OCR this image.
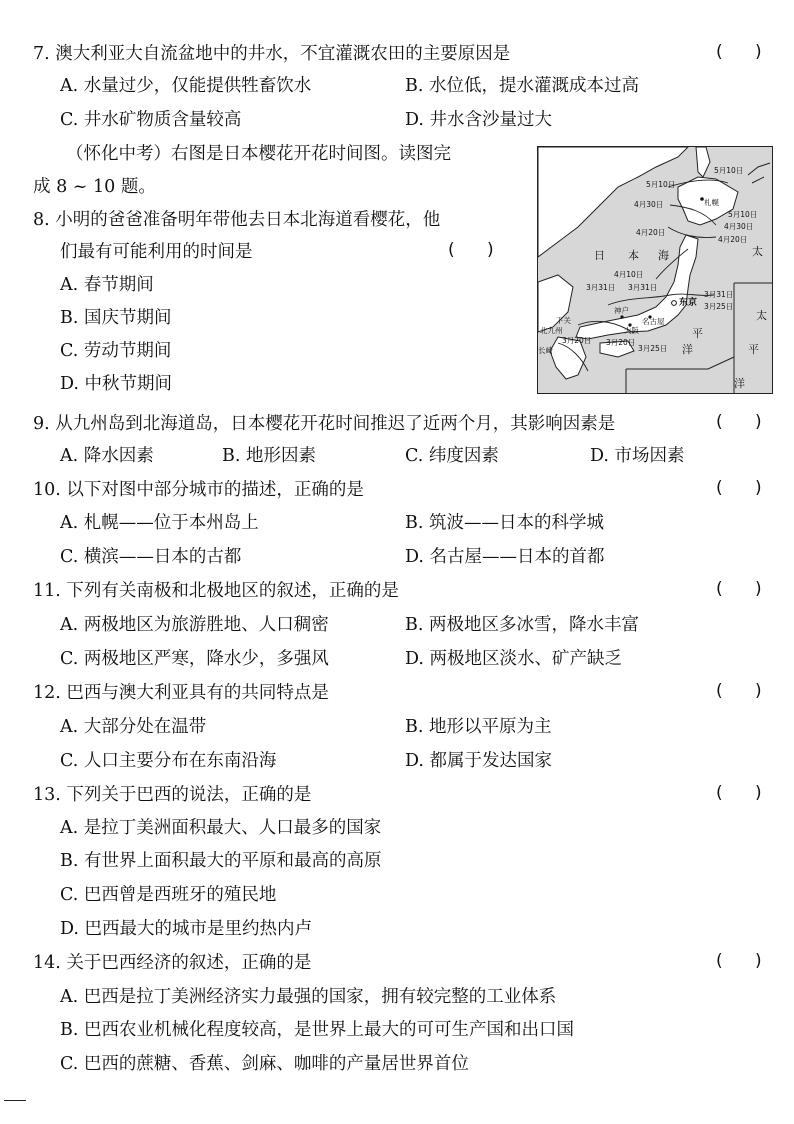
7. 澳大利亚大自流盆地中的井水，不宜灌溉农田的主要原因是	(      )
A. 水量过少，仅能提供牲畜饮水	B. 水位低，提水灌溉成本过高
C. 井水矿物质含量较高	D. 井水含沙量过大
（怀化中考）右图是日本樱花开花时间图。读图完
成 8 ~ 10 题。
8. 小明的爸爸准备明年带他去日本北海道看樱花，他
们最有可能利用的时间是	(      )
A. 春节期间
B. 国庆节期间
C. 劳动节期间
D. 中秋节期间
5月10日
5月10日
4月30日
5月10日
4月30日
4月20日
4月20日
4月10日
3月31日 3月31日
3月31日
3月25日
3月20日 3月20日
3月25日
札幌
东京
神户
大阪
名古屋
下关
北九州
长崎
日 本 海	太
平
洋
太
平
洋
9. 从九州岛到北海道岛，日本樱花开花时间推迟了近两个月，其影响因素是	(      )
A. 降水因素	B. 地形因素	C. 纬度因素	D. 市场因素
10. 以下对图中部分城市的描述，正确的是	(      )
A. 札幌——位于本州岛上	B. 筑波——日本的科学城
C. 横滨——日本的古都	D. 名古屋——日本的首都
11. 下列有关南极和北极地区的叙述，正确的是	(      )
A. 两极地区为旅游胜地、人口稠密	B. 两极地区多冰雪，降水丰富
C. 两极地区严寒，降水少，多强风	D. 两极地区淡水、矿产缺乏
12. 巴西与澳大利亚具有的共同特点是	(      )
A. 大部分处在温带	B. 地形以平原为主
C. 人口主要分布在东南沿海	D. 都属于发达国家
13. 下列关于巴西的说法，正确的是	(      )
A. 是拉丁美洲面积最大、人口最多的国家
B. 有世界上面积最大的平原和最高的高原
C. 巴西曾是西班牙的殖民地
D. 巴西最大的城市是里约热内卢
14. 关于巴西经济的叙述，正确的是	(      )
A. 巴西是拉丁美洲经济实力最强的国家，拥有较完整的工业体系
B. 巴西农业机械化程度较高，是世界上最大的可可生产国和出口国
C. 巴西的蔗糖、香蕉、剑麻、咖啡的产量居世界首位
